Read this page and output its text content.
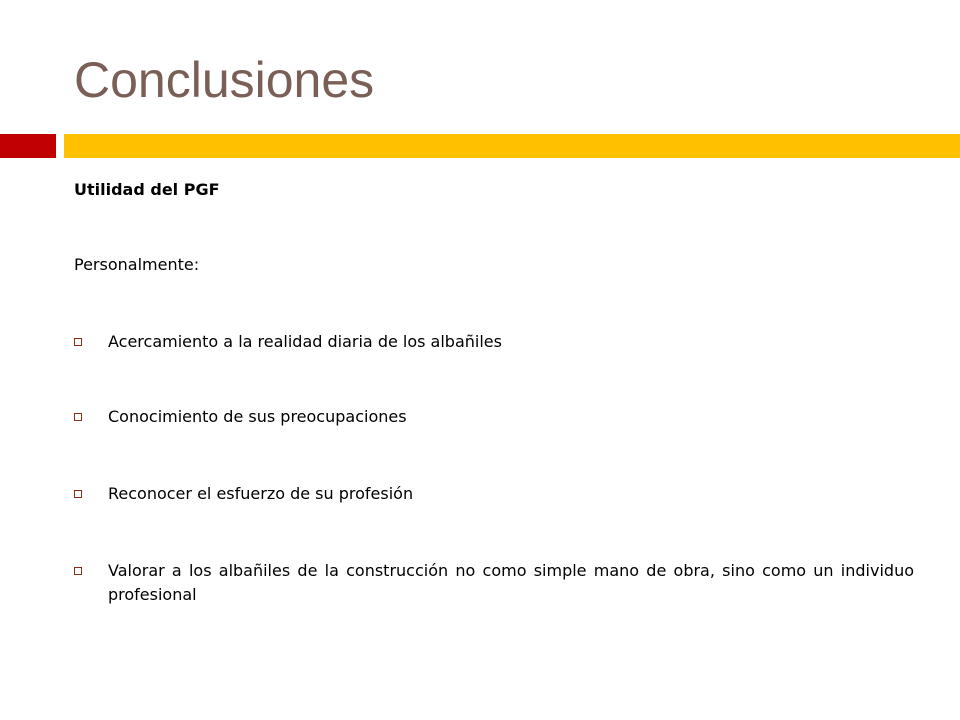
Conclusiones
Utilidad del PGF
Personalmente:
Acercamiento a la realidad diaria de los albañiles
Conocimiento de sus preocupaciones
Reconocer el esfuerzo de su profesión
Valorar a los albañiles de la construcción no como simple mano de obra, sino como un individuo profesional
